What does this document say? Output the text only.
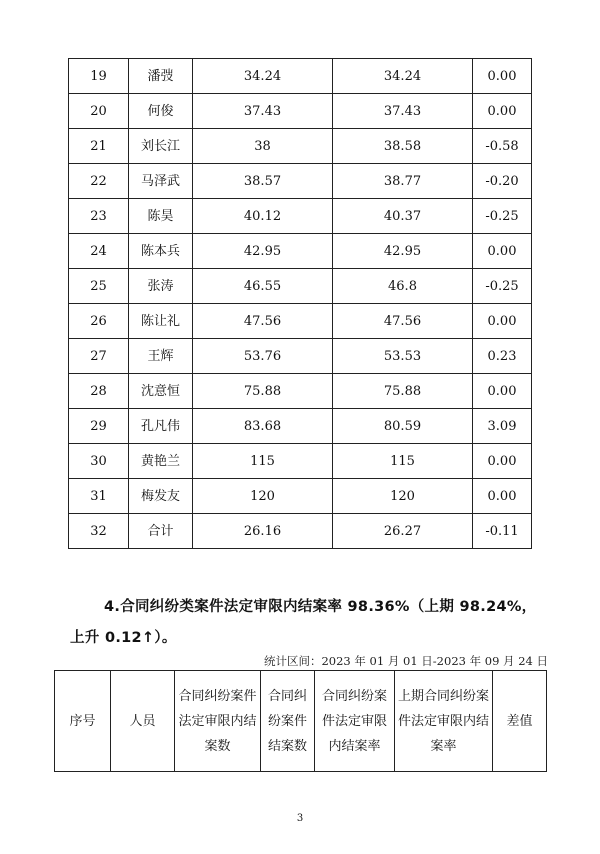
19	潘弢	34.24	34.24	0.00
20	何俊	37.43	37.43	0.00
21	刘长江	38	38.58	-0.58
22	马泽武	38.57	38.77	-0.20
23	陈昊	40.12	40.37	-0.25
24	陈本兵	42.95	42.95	0.00
25	张涛	46.55	46.8	-0.25
26	陈让礼	47.56	47.56	0.00
27	王辉	53.76	53.53	0.23
28	沈意恒	75.88	75.88	0.00
29	孔凡伟	83.68	80.59	3.09
30	黄艳兰	115	115	0.00
31	梅发友	120	120	0.00
32	合计	26.16	26.27	-0.11
4.合同纠纷类案件法定审限内结案率 98.36%（上期 98.24%，上升 0.12↑）。
统计区间：2023 年 01 月 01 日-2023 年 09 月 24 日
序号	人员	合同纠纷案件法定审限内结案数	合同纠纷案件结案数	合同纠纷案件法定审限内结案率	上期合同纠纷案件法定审限内结案率	差值
3
